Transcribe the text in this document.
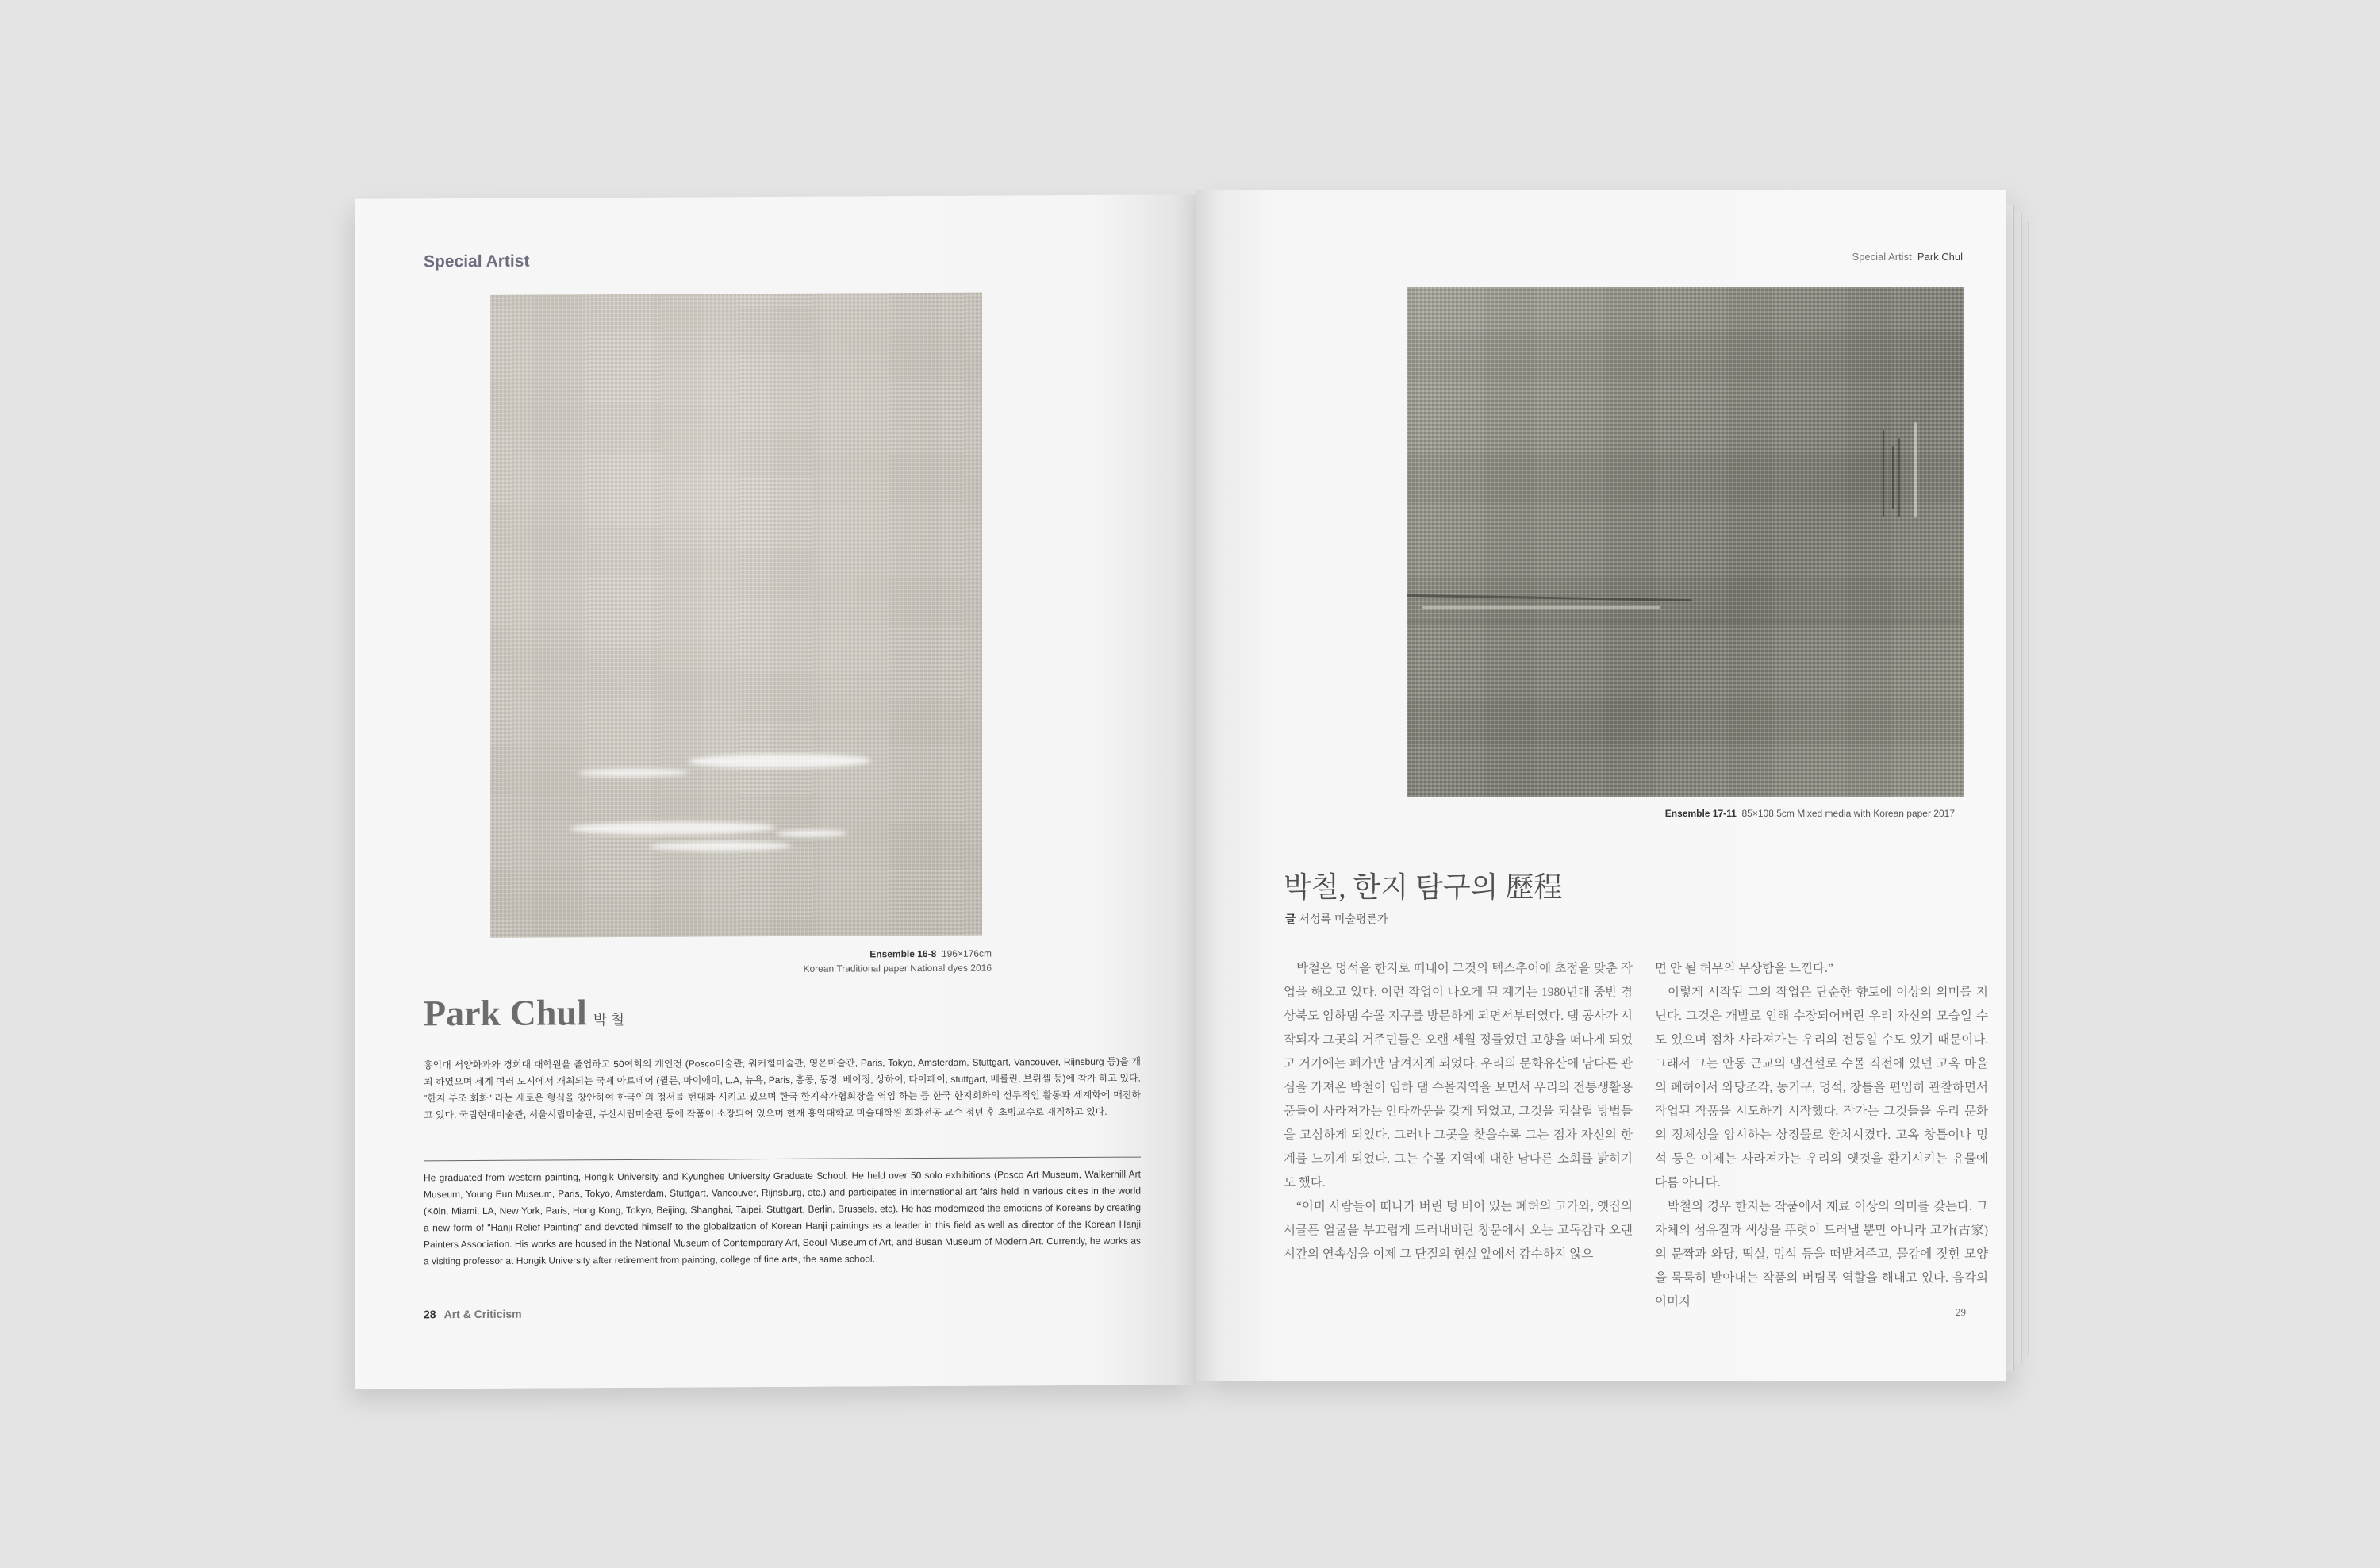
Special Artist
Ensemble 16-8 196×176cm
Korean Traditional paper National dyes 2016
Park Chul 박 철
홍익대 서양화과와 경희대 대학원을 졸업하고 50여회의 개인전 (Posco미술관, 워커힐미술관, 영은미술관, Paris, Tokyo, Amsterdam, Stuttgart, Vancouver, Rijnsburg 등)을 개최 하였으며 세계 여러 도시에서 개최되는 국제 아트페어 (퀼른, 마이애미, L.A, 뉴욕, Paris, 홍콩, 동경, 베이징, 상하이, 타이페이, stuttgart, 베를린, 브뤼셀 등)에 참가 하고 있다. "한지 부조 회화" 라는 새로운 형식을 창안하여 한국인의 정서를 현대화 시키고 있으며 한국 한지작가협회장을 역임 하는 등 한국 한지회화의 선두적인 활동과 세계화에 매진하고 있다. 국립현대미술관, 서울시립미술관, 부산시립미술관 등에 작품이 소장되어 있으며 현재 홍익대학교 미술대학원 회화전공 교수 정년 후 초빙교수로 재직하고 있다.
He graduated from western painting, Hongik University and Kyunghee University Graduate School. He held over 50 solo exhibitions (Posco Art Museum, Walkerhill Art Museum, Young Eun Museum, Paris, Tokyo, Amsterdam, Stuttgart, Vancouver, Rijnsburg, etc.) and participates in international art fairs held in various cities in the world (Köln, Miami, LA, New York, Paris, Hong Kong, Tokyo, Beijing, Shanghai, Taipei, Stuttgart, Berlin, Brussels, etc). He has modernized the emotions of Koreans by creating a new form of "Hanji Relief Painting" and devoted himself to the globalization of Korean Hanji paintings as a leader in this field as well as director of the Korean Hanji Painters Association. His works are housed in the National Museum of Contemporary Art, Seoul Museum of Art, and Busan Museum of Modern Art. Currently, he works as a visiting professor at Hongik University after retirement from painting, college of fine arts, the same school.
28 Art & Criticism
Special Artist Park Chul
Ensemble 17-11 85×108.5cm Mixed media with Korean paper 2017
박철, 한지 탐구의 歷程
글 서성록 미술평론가

박철은 멍석을 한지로 떠내어 그것의 텍스추어에 초점을 맞춘 작업을 해오고 있다. 이런 작업이 나오게 된 계기는 1980년대 중반 경상북도 임하댐 수몰 지구를 방문하게 되면서부터였다. 댐 공사가 시작되자 그곳의 거주민들은 오랜 세월 정들었던 고향을 떠나게 되었고 거기에는 폐가만 남겨지게 되었다. 우리의 문화유산에 남다른 관심을 가져온 박철이 임하 댐 수몰지역을 보면서 우리의 전통생활용품들이 사라져가는 안타까움을 갖게 되었고, 그것을 되살릴 방법들을 고심하게 되었다. 그러나 그곳을 찾을수록 그는 점차 자신의 한계를 느끼게 되었다. 그는 수몰 지역에 대한 남다른 소회를 밝히기도 했다.

“이미 사람들이 떠나가 버린 텅 비어 있는 폐허의 고가와, 옛집의 서글픈 얼굴을 부끄럽게 드러내버린 창문에서 오는 고독감과 오랜 시간의 연속성을 이제 그 단절의 현실 앞에서 감수하지 않으

면 안 될 허무의 무상함을 느낀다.”

이렇게 시작된 그의 작업은 단순한 향토에 이상의 의미를 지닌다. 그것은 개발로 인해 수장되어버린 우리 자신의 모습일 수도 있으며 점차 사라져가는 우리의 전통일 수도 있기 때문이다. 그래서 그는 안동 근교의 댐건설로 수몰 직전에 있던 고옥 마을의 폐허에서 와당조각, 농기구, 멍석, 창틀을 편입히 관찰하면서 작업된 작품을 시도하기 시작했다. 작가는 그것들을 우리 문화의 정체성을 암시하는 상징물로 환치시켰다. 고옥 창틀이나 멍석 등은 이제는 사라져가는 우리의 옛것을 환기시키는 유물에 다름 아니다.

박철의 경우 한지는 작품에서 재료 이상의 의미를 갖는다. 그 자체의 섬유질과 색상을 뚜렷이 드러낼 뿐만 아니라 고가(古家)의 문짝과 와당, 떡살, 멍석 등을 떠받쳐주고, 물감에 젖힌 모양을 묵묵히 받아내는 작품의 버팀목 역할을 해내고 있다. 음각의 이미지

29
